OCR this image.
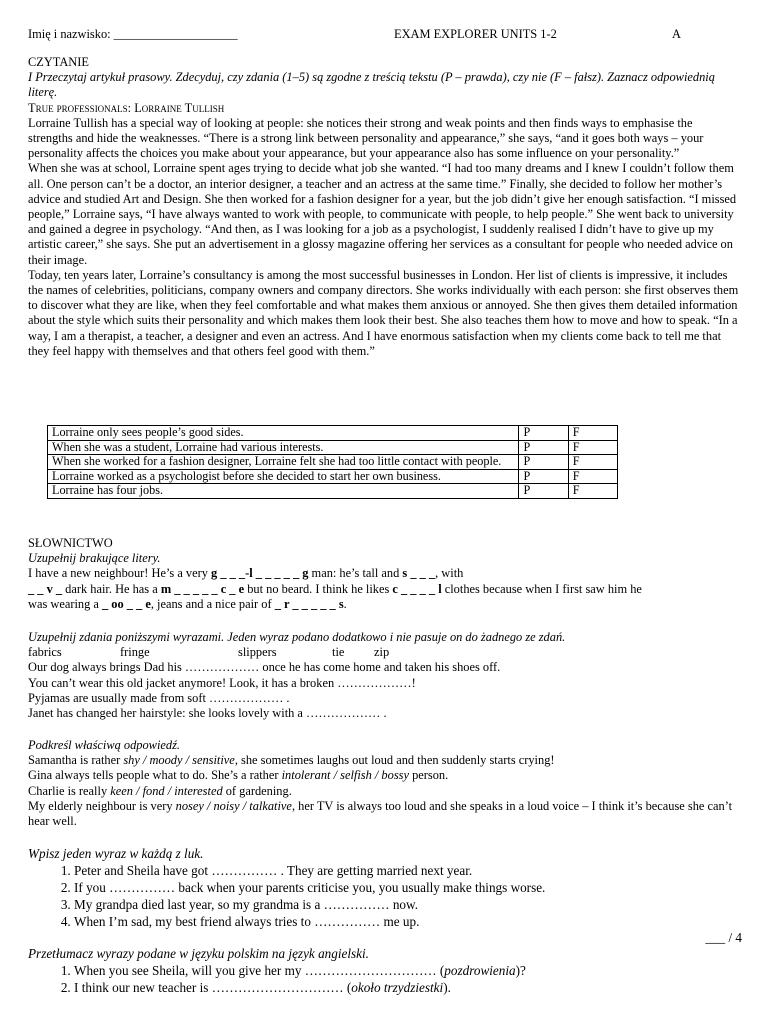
Imię i nazwisko: ____________________	EXAM EXPLORER UNITS 1-2	A

CZYTANIE

I Przeczytaj artykuł prasowy. Zdecyduj, czy zdania (1–5) są zgodne z treścią tekstu (P – prawda), czy nie (F – fałsz). Zaznacz odpowiednią literę.

True professionals: Lorraine Tullish

Lorraine Tullish has a special way of looking at people: she notices their strong and weak points and then finds ways to emphasise the strengths and hide the weaknesses. “There is a strong link between personality and appearance,” she says, “and it goes both ways – your personality affects the choices you make about your appearance, but your appearance also has some influence on your personality.”

When she was at school, Lorraine spent ages trying to decide what job she wanted. “I had too many dreams and I knew I couldn’t follow them all. One person can’t be a doctor, an interior designer, a teacher and an actress at the same time.” Finally, she decided to follow her mother’s advice and studied Art and Design. She then worked for a fashion designer for a year, but the job didn’t give her enough satisfaction. “I missed people,” Lorraine says, “I have always wanted to work with people, to communicate with people, to help people.” She went back to university and gained a degree in psychology. “And then, as I was looking for a job as a psychologist, I suddenly realised I didn’t have to give up my artistic career,” she says. She put an advertisement in a glossy magazine offering her services as a consultant for people who needed advice on their image.

Today, ten years later, Lorraine’s consultancy is among the most successful businesses in London. Her list of clients is impressive, it includes the names of celebrities, politicians, company owners and company directors. She works individually with each person: she first observes them to discover what they are like, when they feel comfortable and what makes them anxious or annoyed. She then gives them detailed information about the style which suits their personality and which makes them look their best. She also teaches them how to move and how to speak. “In a way, I am a therapist, a teacher, a designer and even an actress. And I have enormous satisfaction when my clients come back to tell me that they feel happy with themselves and that others feel good with them.”

Lorraine only sees people’s good sides.	P	F
When she was a student, Lorraine had various interests.	P	F
When she worked for a fashion designer, Lorraine felt she had too little contact with people.	P	F
Lorraine worked as a psychologist before she decided to start her own business.	P	F
Lorraine has four jobs.	P	F

SŁOWNICTWO

Uzupełnij brakujące litery.

I have a new neighbour! He’s a very g _ _ _-l _ _ _ _ _ g man: he’s tall and s _ _ _, with

_ _ v _ dark hair. He has a m _ _ _ _ _ c _ e but no beard. I think he likes c _ _ _ _ l clothes because when I first saw him he

was wearing a _ oo _ _ e, jeans and a nice pair of _ r _ _ _ _ _ s.

Uzupełnij zdania poniższymi wyrazami. Jeden wyraz podano dodatkowo i nie pasuje on do żadnego ze zdań.

fabrics	fringe	slippers	tie	zip

Our dog always brings Dad his ……………… once he has come home and taken his shoes off.

You can’t wear this old jacket anymore! Look, it has a broken ………………!

Pyjamas are usually made from soft ……………… .

Janet has changed her hairstyle: she looks lovely with a ……………… .

Podkreśl właściwą odpowiedź.

Samantha is rather shy / moody / sensitive, she sometimes laughs out loud and then suddenly starts crying!

Gina always tells people what to do. She’s a rather intolerant / selfish / bossy person.

Charlie is really keen / fond / interested of gardening.

My elderly neighbour is very nosey / noisy / talkative, her TV is always too loud and she speaks in a loud voice – I think it’s because she can’t hear well.

Wpisz jeden wyraz w każdą z luk.

1. Peter and Sheila have got …………… . They are getting married next year.
2. If you …………… back when your parents criticise you, you usually make things worse.
3. My grandpa died last year, so my grandma is a …………… now.
4. When I’m sad, my best friend always tries to …………… me up.
___ / 4

Przetłumacz wyrazy podane w języku polskim na język angielski.

1. When you see Sheila, will you give her my ………………………… (pozdrowienia)?
2. I think our new teacher is ………………………… (około trzydziestki).
